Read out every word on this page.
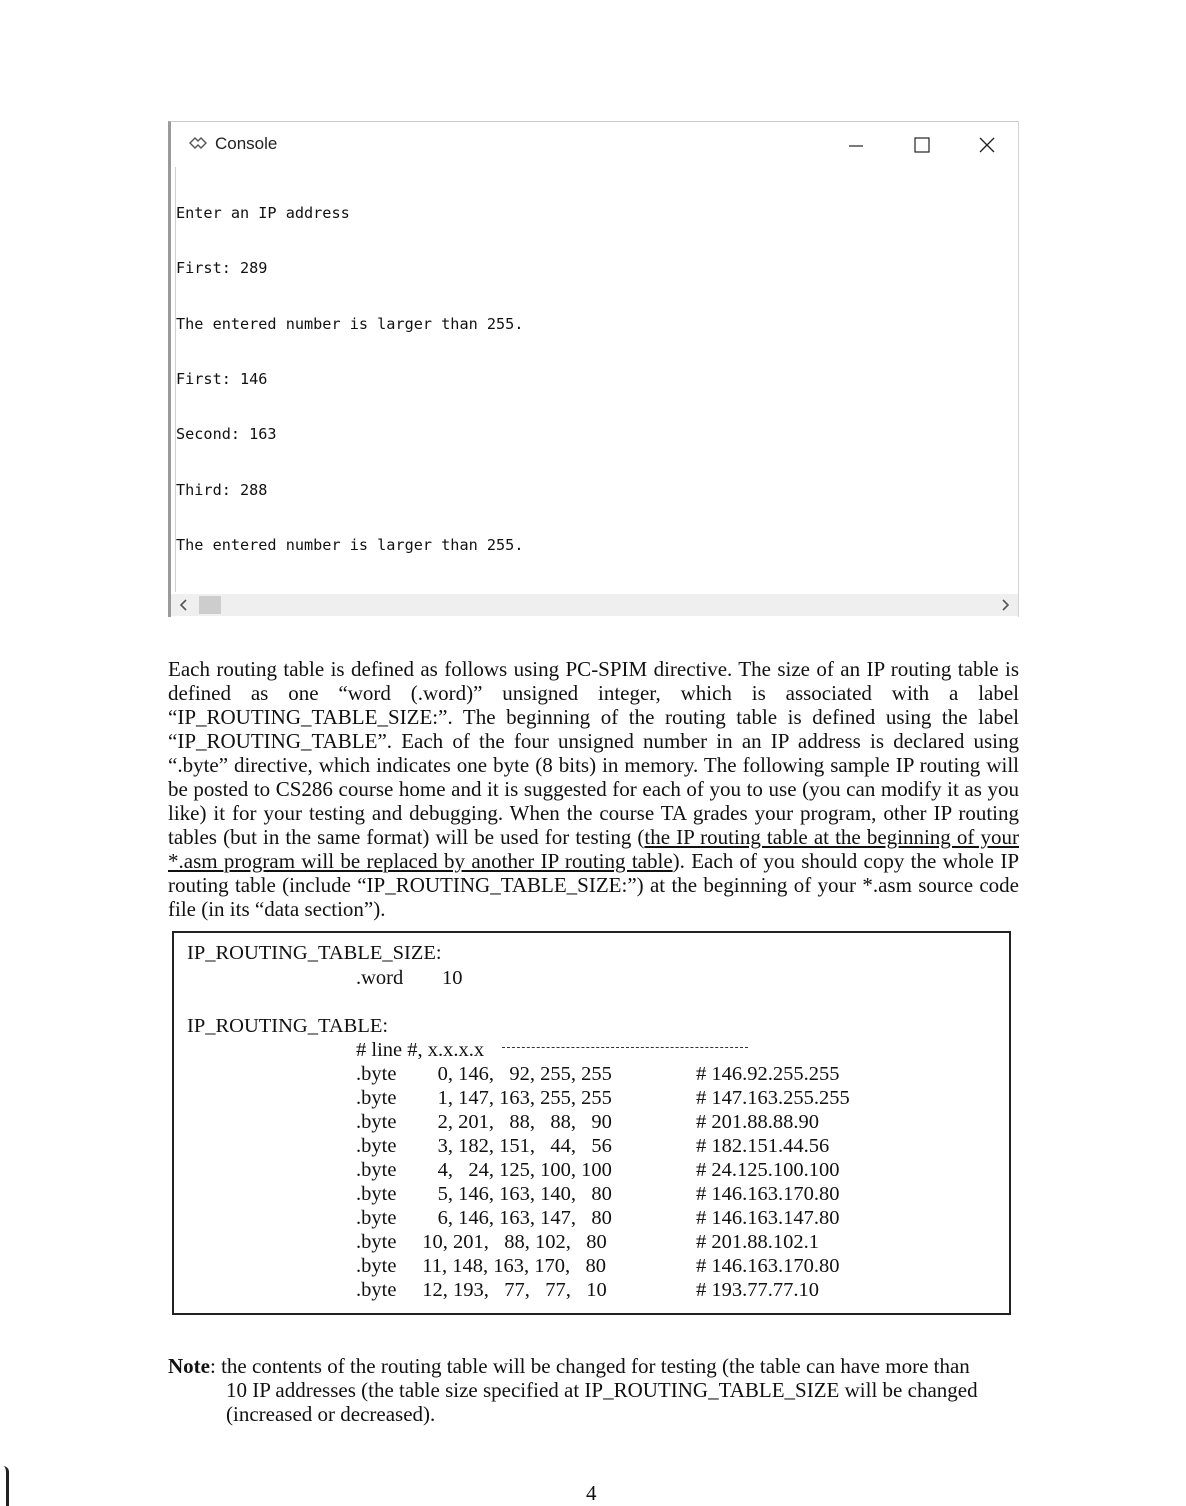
Console

Enter an IP address

First: 289

The entered number is larger than 255.

First: 146

Second: 163

Third: 288

The entered number is larger than 255.

Each routing table is defined as follows using PC-SPIM directive. The size of an IP routing table is defined as one “word (.word)” unsigned integer, which is associated with a label “IP_ROUTING_TABLE_SIZE:”. The beginning of the routing table is defined using the label “IP_ROUTING_TABLE”. Each of the four unsigned number in an IP address is declared using “.byte” directive, which indicates one byte (8 bits) in memory. The following sample IP routing will be posted to CS286 course home and it is suggested for each of you to use (you can modify it as you like) it for your testing and debugging. When the course TA grades your program, other IP routing tables (but in the same format) will be used for testing (the IP routing table at the beginning of your *.asm program will be replaced by another IP routing table). Each of you should copy the whole IP routing table (include “IP_ROUTING_TABLE_SIZE:”) at the beginning of your *.asm source code file (in its “data section”).
IP_ROUTING_TABLE_SIZE:
.word 10
IP_ROUTING_TABLE:
# line #, x.x.x.x
.byte 0, 146,   92, 255, 255	# 146.92.255.255
.byte 1, 147, 163, 255, 255	# 147.163.255.255
.byte 2, 201,   88,   88,   90	# 201.88.88.90
.byte 3, 182, 151,   44,   56	# 182.151.44.56
.byte 4,   24, 125, 100, 100	# 24.125.100.100
.byte 5, 146, 163, 140,   80	# 146.163.170.80
.byte 6, 146, 163, 147,   80	# 146.163.147.80
.byte 10, 201,   88, 102,   80	# 201.88.102.1
.byte 11, 148, 163, 170,   80	# 146.163.170.80
.byte 12, 193,   77,   77,   10	# 193.77.77.10
Note: the contents of the routing table will be changed for testing (the table can have more than
10 IP addresses (the table size specified at IP_ROUTING_TABLE_SIZE will be changed (increased or decreased).
4
